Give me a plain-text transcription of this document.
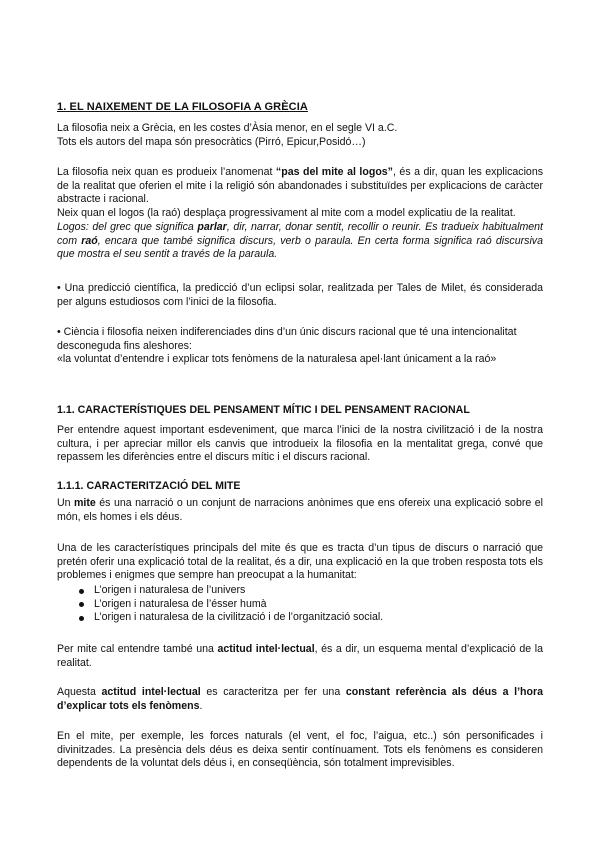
1. EL NAIXEMENT DE LA FILOSOFIA A GRÈCIA

La filosofia neix a Grècia, en les costes d’Àsia menor, en el segle VI a.C.
Tots els autors del mapa són presocràtics (Pirró, Epicur,Posidó…)

La filosofia neix quan es produeix l’anomenat “pas del mite al logos”, és a dir, quan les explicacions de la realitat que oferien el mite i la religió són abandonades i substituïdes per explicacions de caràcter abstracte i racional.

Neix quan el logos (la raó) desplaça progressivament al mite com a model explicatiu de la realitat.

Logos: del grec que significa parlar, dir, narrar, donar sentit, recollir o reunir. Es tradueix habitualment com raó, encara que també significa discurs, verb o paraula. En certa forma significa raó discursiva que mostra el seu sentit a través de la paraula.

• Una predicció científica, la predicció d’un eclipsi solar, realitzada per Tales de Milet, és considerada per alguns estudiosos com l’inici de la filosofia.

• Ciència i filosofia neixen indiferenciades dins d’un únic discurs racional que té una intencionalitat desconeguda fins aleshores:
«la voluntat d’entendre i explicar tots fenòmens de la naturalesa apel·lant únicament a la raó»

1.1. CARACTERÍSTIQUES DEL PENSAMENT MÍTIC I DEL PENSAMENT RACIONAL

Per entendre aquest important esdeveniment, que marca l’inici de la nostra civilització i de la nostra cultura, i per apreciar millor els canvis que introdueix la filosofia en la mentalitat grega, convé que repassem les diferències entre el discurs mític i el discurs racional.

1.1.1. CARACTERITZACIÓ DEL MITE

Un mite és una narració o un conjunt de narracions anònimes que ens ofereix una explicació sobre el món, els homes i els déus.

Una de les característiques principals del mite és que es tracta d’un tipus de discurs o narració que pretén oferir una explicació total de la realitat, és a dir, una explicació en la que troben resposta tots els problemes i enigmes que sempre han preocupat a la humanitat:

L’origen i naturalesa de l’univers
L’origen i naturalesa de l’ésser humà
L’origen i naturalesa de la civilització i de l’organització social.

Per mite cal entendre també una actitud intel·lectual, és a dir, un esquema mental d’explicació de la realitat.

Aquesta actitud intel·lectual es caracteritza per fer una constant referència als déus a l’hora d’explicar tots els fenòmens.

En el mite, per exemple, les forces naturals (el vent, el foc, l’aigua, etc..) són personificades i divinitzades. La presència dels déus es deixa sentir contínuament. Tots els fenòmens es consideren dependents de la voluntat dels déus i, en conseqüència, són totalment imprevisibles.
